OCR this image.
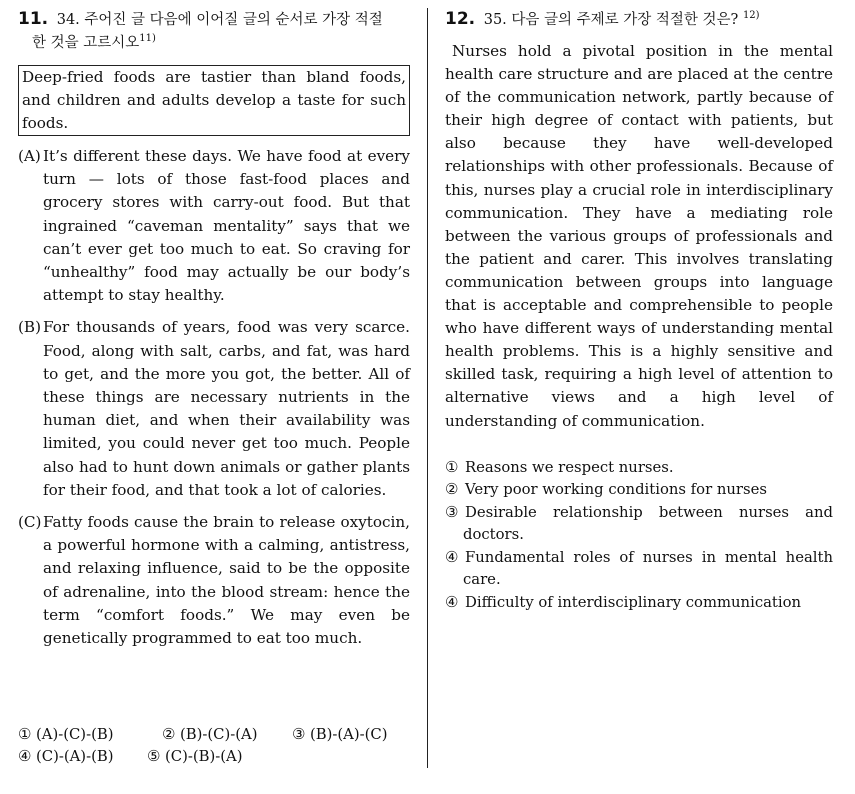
11. 34. 주어진 글 다음에 이어질 글의 순서로 가장 적절
한 것을 고르시오$^{11)}$
Deep-fried foods are tastier than bland foods, and children and adults develop a taste for such foods.
(A) It’s different these days. We have food at every turn — lots of those fast-food places and grocery stores with carry-out food. But that ingrained “caveman mentality” says that we can’t ever get too much to eat. So craving for “unhealthy” food may actually be our body’s attempt to stay healthy.
(B) For thousands of years, food was very scarce. Food, along with salt, carbs, and fat, was hard to get, and the more you got, the better. All of these things are necessary nutrients in the human diet, and when their availability was limited, you could never get too much. People also had to hunt down animals or gather plants for their food, and that took a lot of calories.
(C)Fatty foods cause the brain to release oxytocin, a powerful hormone with a calming, antistress, and relaxing influence, said to be the opposite of adrenaline, into the blood stream: hence the term “comfort foods.” We may even be genetically programmed to eat too much.
① (A)-(C)-(B)	② (B)-(C)-(A) ③ (B)-(A)-(C)
④ (C)-(A)-(B) ⑤ (C)-(B)-(A)
12. 35. 다음 글의 주제로 가장 적절한 것은? $^{12)}$
Nurses hold a pivotal position in the mental health care structure and are placed at the centre of the communication network, partly because of their high degree of contact with patients, but also because they have well-developed relationships with other professionals. Because of this, nurses play a crucial role in interdisciplinary communication. They have a mediating role between the various groups of professionals and the patient and carer. This involves translating communication between groups into language that is acceptable and comprehensible to people who have different ways of understanding mental health problems. This is a highly sensitive and skilled task, requiring a high level of attention to alternative views and a high level of understanding of communication.
① Reasons we respect nurses.
② Very poor working conditions for nurses
③ Desirable relationship between nurses and doctors.
④ Fundamental roles of nurses in mental health care.
④ Difficulty of interdisciplinary communication
